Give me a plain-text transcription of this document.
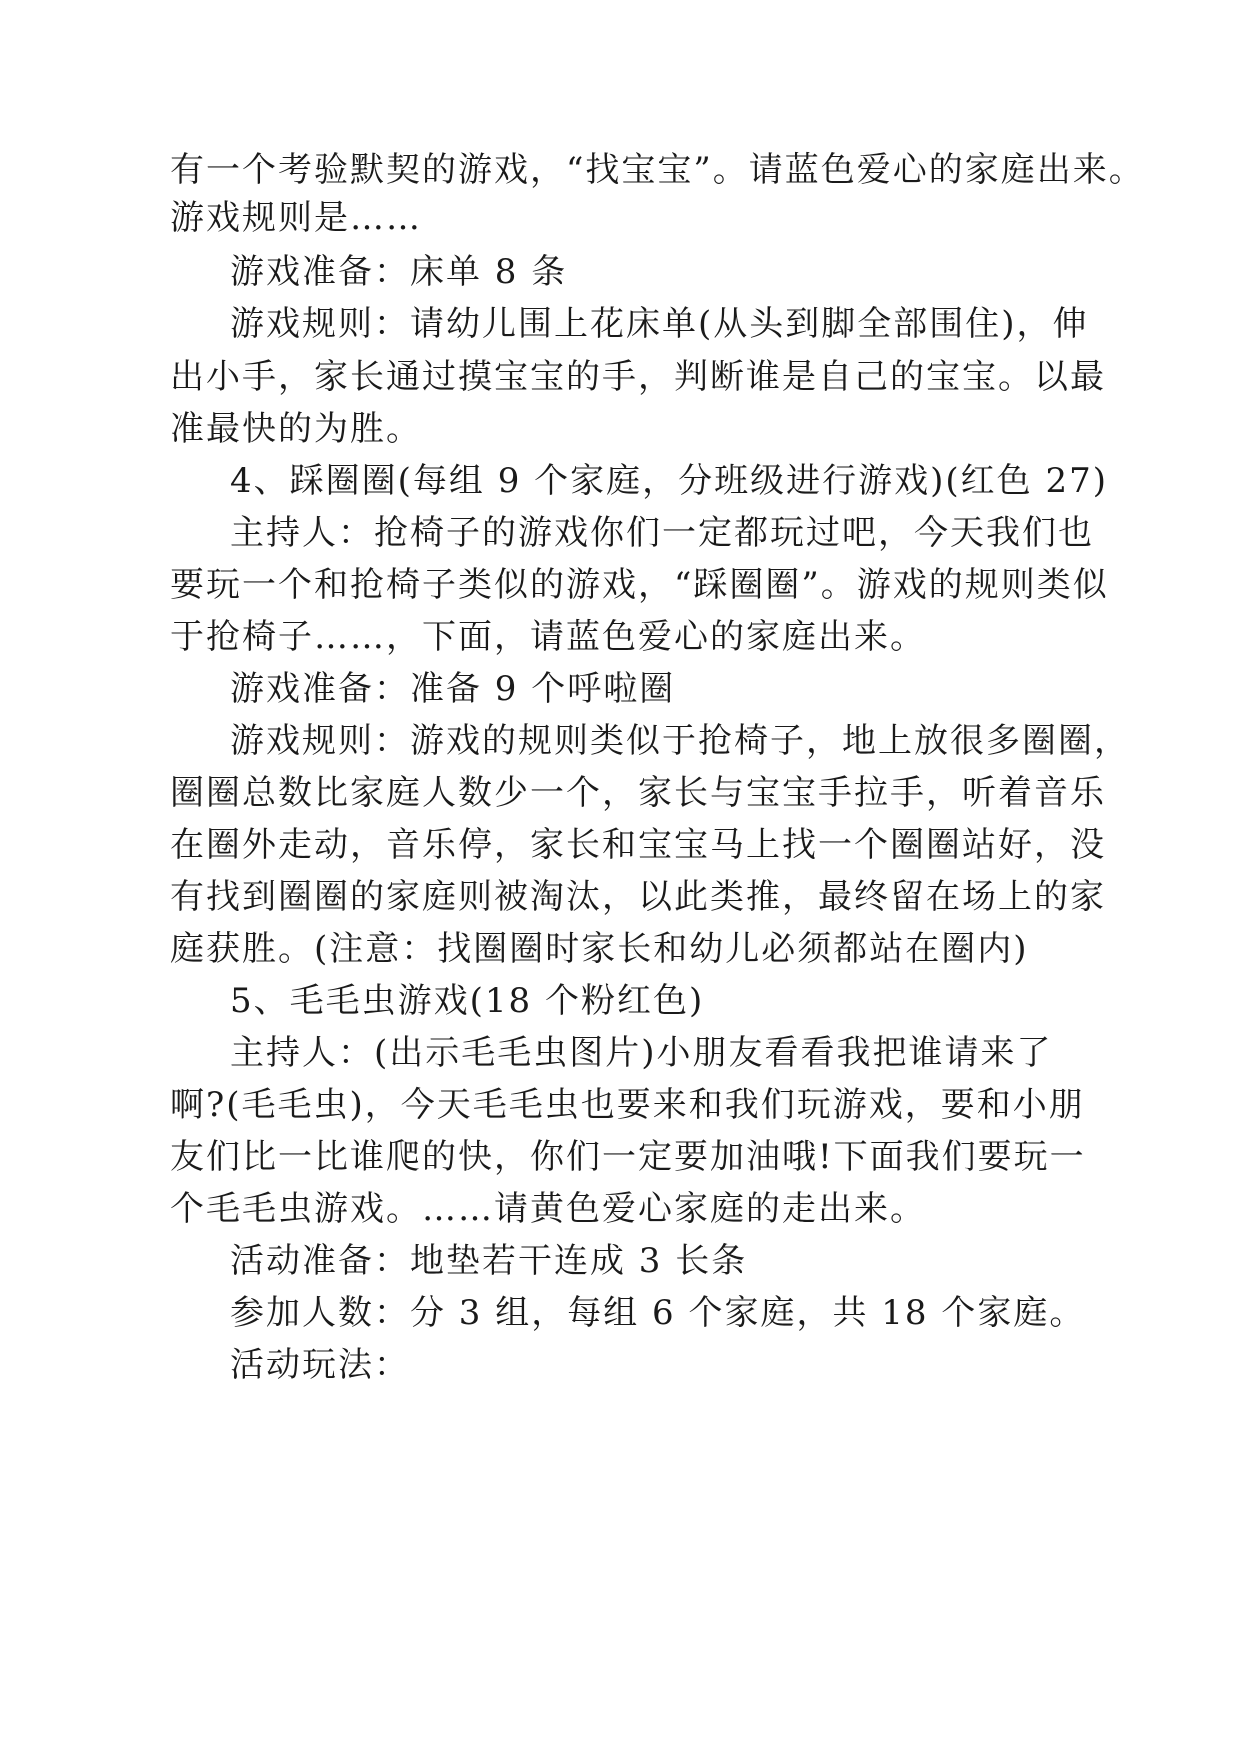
有一个考验默契的游戏，“找宝宝”。请蓝色爱心的家庭出来。

游戏规则是……

游戏准备：床单 8 条

游戏规则：请幼儿围上花床单(从头到脚全部围住)，伸

出小手，家长通过摸宝宝的手，判断谁是自己的宝宝。以最

准最快的为胜。

4、踩圈圈(每组 9 个家庭，分班级进行游戏)(红色 27)

主持人：抢椅子的游戏你们一定都玩过吧，今天我们也

要玩一个和抢椅子类似的游戏，“踩圈圈”。游戏的规则类似

于抢椅子……，下面，请蓝色爱心的家庭出来。

游戏准备：准备 9 个呼啦圈

游戏规则：游戏的规则类似于抢椅子，地上放很多圈圈，

圈圈总数比家庭人数少一个，家长与宝宝手拉手，听着音乐

在圈外走动，音乐停，家长和宝宝马上找一个圈圈站好，没

有找到圈圈的家庭则被淘汰，以此类推，最终留在场上的家

庭获胜。(注意：找圈圈时家长和幼儿必须都站在圈内)

5、毛毛虫游戏(18 个粉红色)

主持人：(出示毛毛虫图片)小朋友看看我把谁请来了

啊?(毛毛虫)，今天毛毛虫也要来和我们玩游戏，要和小朋

友们比一比谁爬的快，你们一定要加油哦!下面我们要玩一

个毛毛虫游戏。……请黄色爱心家庭的走出来。

活动准备：地垫若干连成 3 长条

参加人数：分 3 组，每组 6 个家庭，共 18 个家庭。

活动玩法：
